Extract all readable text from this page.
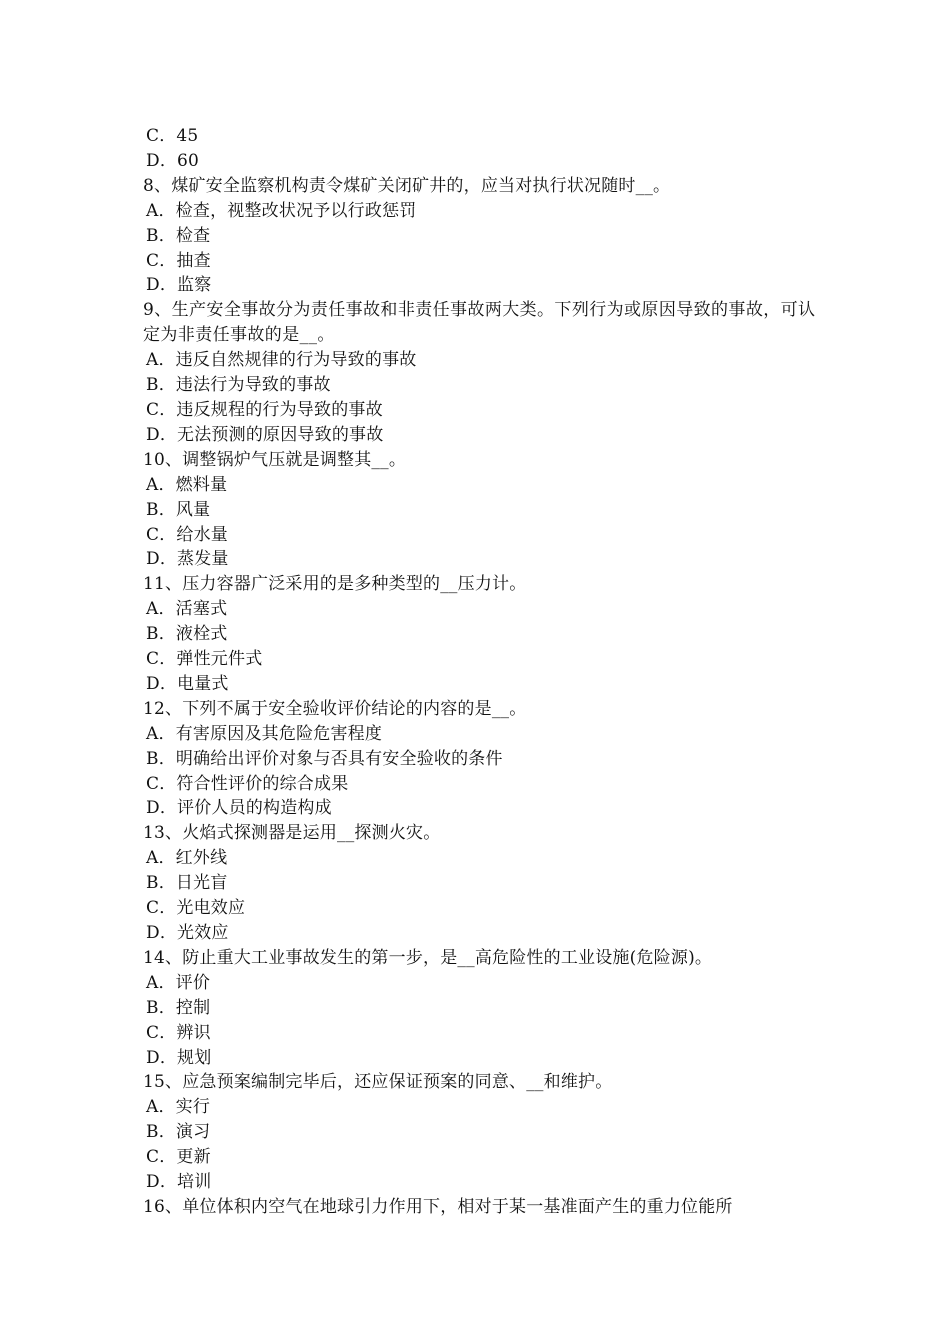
C．45
D．60
8、煤矿安全监察机构责令煤矿关闭矿井的，应当对执行状况随时__。
A．检查，视整改状况予以行政惩罚
B．检查
C．抽查
D．监察
9、生产安全事故分为责任事故和非责任事故两大类。下列行为或原因导致的事故，可认定为非责任事故的是__。
A．违反自然规律的行为导致的事故
B．违法行为导致的事故
C．违反规程的行为导致的事故
D．无法预测的原因导致的事故
10、调整锅炉气压就是调整其__。
A．燃料量
B．风量
C．给水量
D．蒸发量
11、压力容器广泛采用的是多种类型的__压力计。
A．活塞式
B．液栓式
C．弹性元件式
D．电量式
12、下列不属于安全验收评价结论的内容的是__。
A．有害原因及其危险危害程度
B．明确给出评价对象与否具有安全验收的条件
C．符合性评价的综合成果
D．评价人员的构造构成
13、火焰式探测器是运用__探测火灾。
A．红外线
B．日光盲
C．光电效应
D．光效应
14、防止重大工业事故发生的第一步，是__高危险性的工业设施(危险源)。
A．评价
B．控制
C．辨识
D．规划
15、应急预案编制完毕后，还应保证预案的同意、__和维护。
A．实行
B．演习
C．更新
D．培训
16、单位体积内空气在地球引力作用下，相对于某一基准面产生的重力位能所
